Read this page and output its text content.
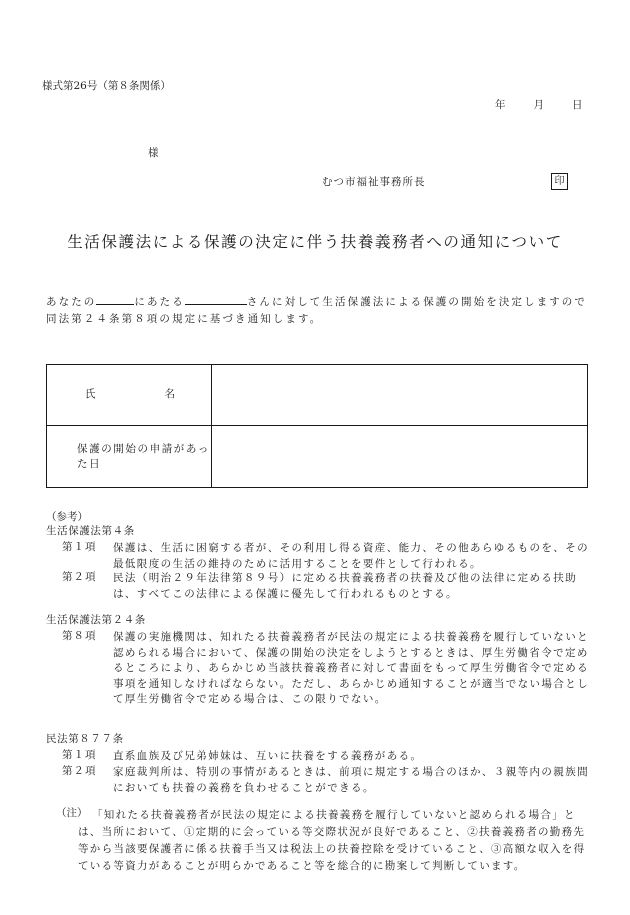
様式第26号（第８条関係）
年	月	日
様
むつ市福祉事務所長	印
生活保護法による保護の決定に伴う扶養義務者への通知について
あなたの	にあたる	さんに対して生活保護法による保護の開始を決定しますので同法第２４条第８項の規定に基づき通知します。
氏 名	

保護の開始の申請があった日	

（参考）
生活保護法第４条
第１項 保護は、生活に困窮する者が、その利用し得る資産、能力、その他あらゆるものを、その最低限度の生活の維持のために活用することを要件として行われる。
第２項 民法（明治２９年法律第８９号）に定める扶養義務者の扶養及び他の法律に定める扶助は、すべてこの法律による保護に優先して行われるものとする。
生活保護法第２４条
第８項 保護の実施機関は、知れたる扶養義務者が民法の規定による扶養義務を履行していないと認められる場合において、保護の開始の決定をしようとするときは、厚生労働省令で定めるところにより、あらかじめ当該扶養義務者に対して書面をもって厚生労働省令で定める事項を通知しなければならない。ただし、あらかじめ通知することが適当でない場合として厚生労働省令で定める場合は、この限りでない。
民法第８７７条
第１項 直系血族及び兄弟姉妹は、互いに扶養をする義務がある。
第２項 家庭裁判所は、特別の事情があるときは、前項に規定する場合のほか、３親等内の親族間においても扶養の義務を負わせることができる。
（注） 「知れたる扶養義務者が民法の規定による扶養義務を履行していないと認められる場合」とは、当所において、①定期的に会っている等交際状況が良好であること、②扶養義務者の勤務先等から当該要保護者に係る扶養手当又は税法上の扶養控除を受けていること、③高額な収入を得ている等資力があることが明らかであること等を総合的に勘案して判断しています。
